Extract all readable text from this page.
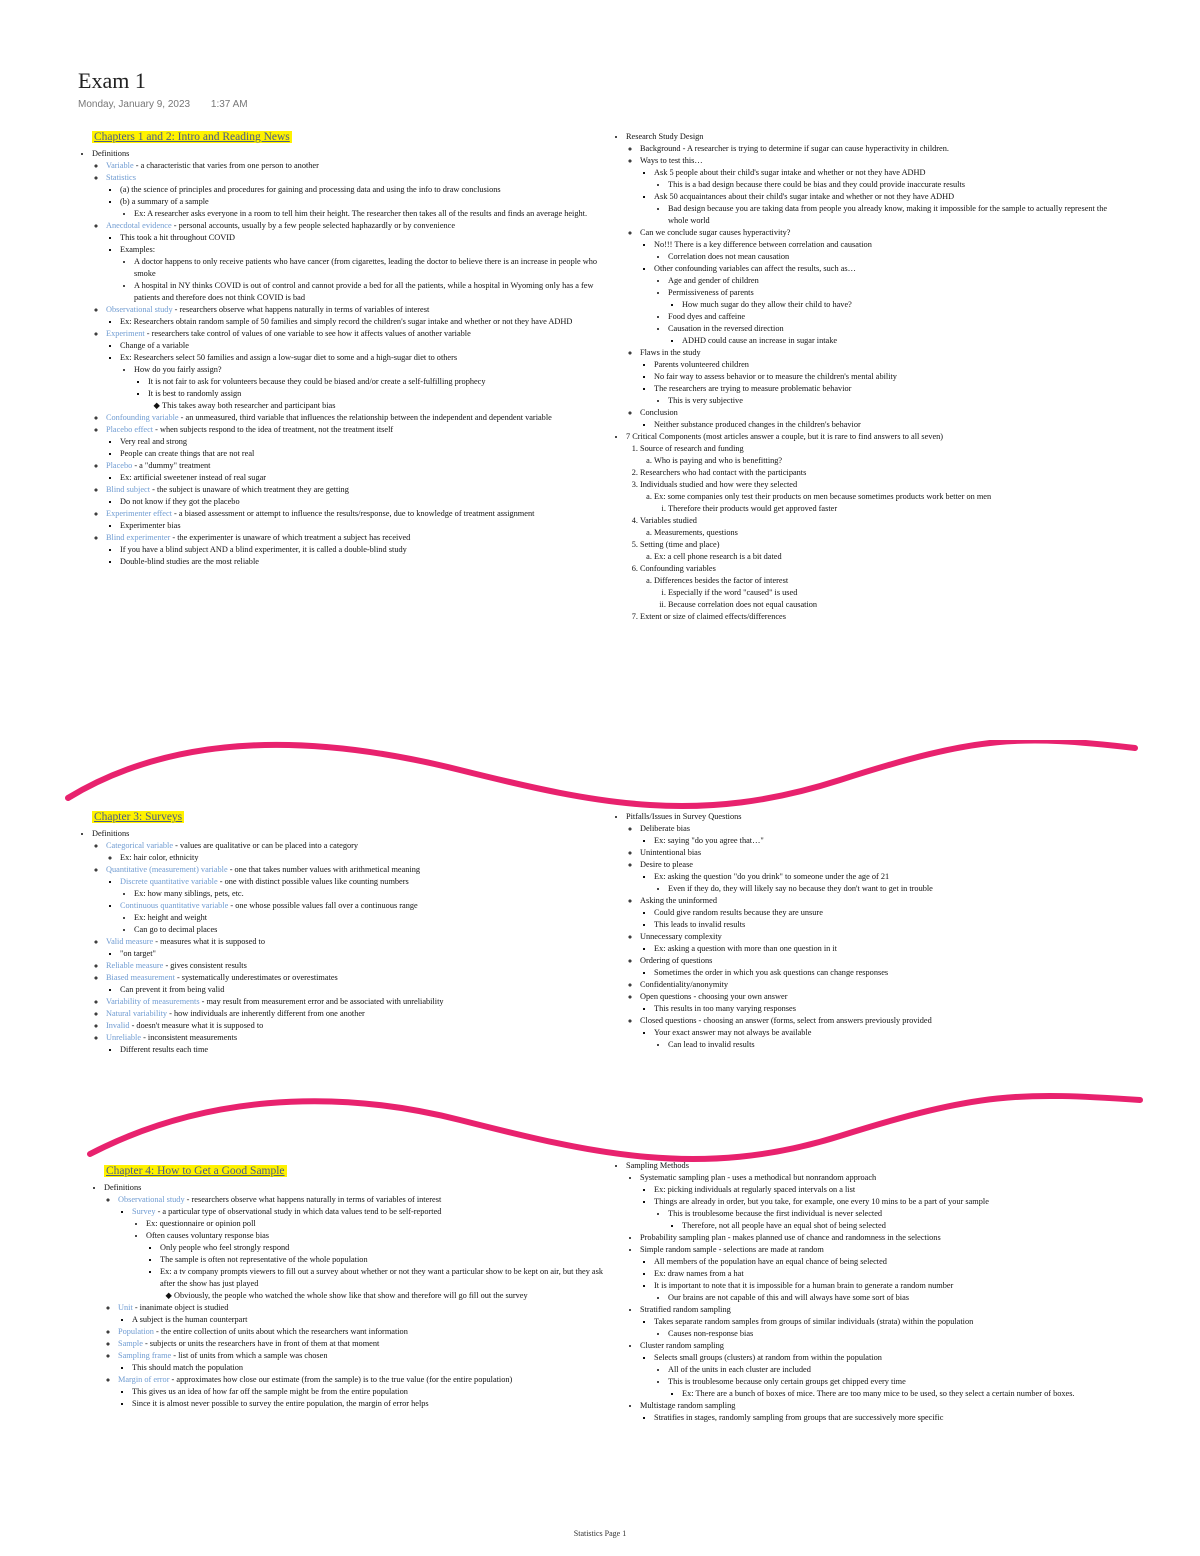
Exam 1
Monday, January 9, 2023 1:37 AM
Chapters 1 and 2: Intro and Reading News
• Definitions
◦ Variable - a characteristic that varies from one person to another
◦ Statistics
▪ (a) the science of principles and procedures for gaining and processing data and using the info to draw conclusions
▪ (b) a summary of a sample
• Ex: A researcher asks everyone in a room to tell him their height. The researcher then takes all of the results and finds an average height.
◦ Anecdotal evidence - personal accounts, usually by a few people selected haphazardly or by convenience
▪ This took a hit throughout COVID
▪ Examples:
• A doctor happens to only receive patients who have cancer (from cigarettes, leading the doctor to believe there is an increase in people who smoke
• A hospital in NY thinks COVID is out of control and cannot provide a bed for all the patients, while a hospital in Wyoming only has a few patients and therefore does not think COVID is bad
◦ Observational study - researchers observe what happens naturally in terms of variables of interest
▪ Ex: Researchers obtain random sample of 50 families and simply record the children's sugar intake and whether or not they have ADHD
◦ Experiment - researchers take control of values of one variable to see how it affects values of another variable
▪ Change of a variable
▪ Ex: Researchers select 50 families and assign a low-sugar diet to some and a high-sugar diet to others
• How do you fairly assign?
▪ It is not fair to ask for volunteers because they could be biased and/or create a self-fulfilling prophecy
▪ It is best to randomly assign
◆ This takes away both researcher and participant bias
◦ Confounding variable - an unmeasured, third variable that influences the relationship between the independent and dependent variable
◦ Placebo effect - when subjects respond to the idea of treatment, not the treatment itself
▪ Very real and strong
▪ People can create things that are not real
◦ Placebo - a "dummy" treatment
▪ Ex: artificial sweetener instead of real sugar
◦ Blind subject - the subject is unaware of which treatment they are getting
▪ Do not know if they got the placebo
◦ Experimenter effect - a biased assessment or attempt to influence the results/response, due to knowledge of treatment assignment
▪ Experimenter bias
◦ Blind experimenter - the experimenter is unaware of which treatment a subject has received
▪ If you have a blind subject AND a blind experimenter, it is called a double-blind study
▪ Double-blind studies are the most reliable
• Research Study Design
◦ Background - A researcher is trying to determine if sugar can cause hyperactivity in children.
◦ Ways to test this…
▪ Ask 5 people about their child's sugar intake and whether or not they have ADHD
• This is a bad design because there could be bias and they could provide inaccurate results
▪ Ask 50 acquaintances about their child's sugar intake and whether or not they have ADHD
• Bad design because you are taking data from people you already know, making it impossible for the sample to actually represent the whole world
◦ Can we conclude sugar causes hyperactivity?
▪ No!!! There is a key difference between correlation and causation
• Correlation does not mean causation
▪ Other confounding variables can affect the results, such as…
• Age and gender of children
• Permissiveness of parents
▪ How much sugar do they allow their child to have?
• Food dyes and caffeine
• Causation in the reversed direction
▪ ADHD could cause an increase in sugar intake
◦ Flaws in the study
▪ Parents volunteered children
▪ No fair way to assess behavior or to measure the children's mental ability
▪ The researchers are trying to measure problematic behavior
• This is very subjective
◦ Conclusion
▪ Neither substance produced changes in the children's behavior
• 7 Critical Components (most articles answer a couple, but it is rare to find answers to all seven)
1. Source of research and funding
a. Who is paying and who is benefitting?
2. Researchers who had contact with the participants
3. Individuals studied and how were they selected
a. Ex: some companies only test their products on men because sometimes products work better on men
i. Therefore their products would get approved faster
4. Variables studied
a. Measurements, questions
5. Setting (time and place)
a. Ex: a cell phone research is a bit dated
6. Confounding variables
a. Differences besides the factor of interest
i. Especially if the word "caused" is used
ii. Because correlation does not equal causation
7. Extent or size of claimed effects/differences
Chapter 3: Surveys
• Definitions
◦ Categorical variable - values are qualitative or can be placed into a category
◦ Ex: hair color, ethnicity
◦ Quantitative (measurement) variable - one that takes number values with arithmetical meaning
▪ Discrete quantitative variable - one with distinct possible values like counting numbers
• Ex: how many siblings, pets, etc.
▪ Continuous quantitative variable - one whose possible values fall over a continuous range
• Ex: height and weight
• Can go to decimal places
◦ Valid measure - measures what it is supposed to
▪ "on target"
◦ Reliable measure - gives consistent results
◦ Biased measurement - systematically underestimates or overestimates
▪ Can prevent it from being valid
◦ Variability of measurements - may result from measurement error and be associated with unreliability
◦ Natural variability - how individuals are inherently different from one another
◦ Invalid - doesn't measure what it is supposed to
◦ Unreliable - inconsistent measurements
▪ Different results each time
• Pitfalls/Issues in Survey Questions
◦ Deliberate bias
▪ Ex: saying "do you agree that…"
◦ Unintentional bias
◦ Desire to please
▪ Ex: asking the question "do you drink" to someone under the age of 21
• Even if they do, they will likely say no because they don't want to get in trouble
◦ Asking the uninformed
▪ Could give random results because they are unsure
▪ This leads to invalid results
◦ Unnecessary complexity
▪ Ex: asking a question with more than one question in it
◦ Ordering of questions
▪ Sometimes the order in which you ask questions can change responses
◦ Confidentiality/anonymity
◦ Open questions - choosing your own answer
▪ This results in too many varying responses
◦ Closed questions - choosing an answer (forms, select from answers previously provided
▪ Your exact answer may not always be available
• Can lead to invalid results
Chapter 4: How to Get a Good Sample
• Definitions
◦ Observational study - researchers observe what happens naturally in terms of variables of interest
▪ Survey - a particular type of observational study in which data values tend to be self-reported
• Ex: questionnaire or opinion poll
• Often causes voluntary response bias
▪ Only people who feel strongly respond
▪ The sample is often not representative of the whole population
▪ Ex: a tv company prompts viewers to fill out a survey about whether or not they want a particular show to be kept on air, but they ask after the show has just played
◆ Obviously, the people who watched the whole show like that show and therefore will go fill out the survey
◦ Unit - inanimate object is studied
▪ A subject is the human counterpart
◦ Population - the entire collection of units about which the researchers want information
◦ Sample - subjects or units the researchers have in front of them at that moment
◦ Sampling frame - list of units from which a sample was chosen
▪ This should match the population
◦ Margin of error - approximates how close our estimate (from the sample) is to the true value (for the entire population)
▪ This gives us an idea of how far off the sample might be from the entire population
▪ Since it is almost never possible to survey the entire population, the margin of error helps
• Sampling Methods
• Systematic sampling plan - uses a methodical but nonrandom approach
▪ Ex: picking individuals at regularly spaced intervals on a list
▪ Things are already in order, but you take, for example, one every 10 mins to be a part of your sample
• This is troublesome because the first individual is never selected
▪ Therefore, not all people have an equal shot of being selected
• Probability sampling plan - makes planned use of chance and randomness in the selections
• Simple random sample - selections are made at random
▪ All members of the population have an equal chance of being selected
▪ Ex: draw names from a hat
▪ It is important to note that it is impossible for a human brain to generate a random number
• Our brains are not capable of this and will always have some sort of bias
• Stratified random sampling
▪ Takes separate random samples from groups of similar individuals (strata) within the population
• Causes non-response bias
• Cluster random sampling
▪ Selects small groups (clusters) at random from within the population
• All of the units in each cluster are included
• This is troublesome because only certain groups get chipped every time
▪ Ex: There are a bunch of boxes of mice. There are too many mice to be used, so they select a certain number of boxes.
• Multistage random sampling
▪ Stratifies in stages, randomly sampling from groups that are successively more specific
Statistics Page 1
